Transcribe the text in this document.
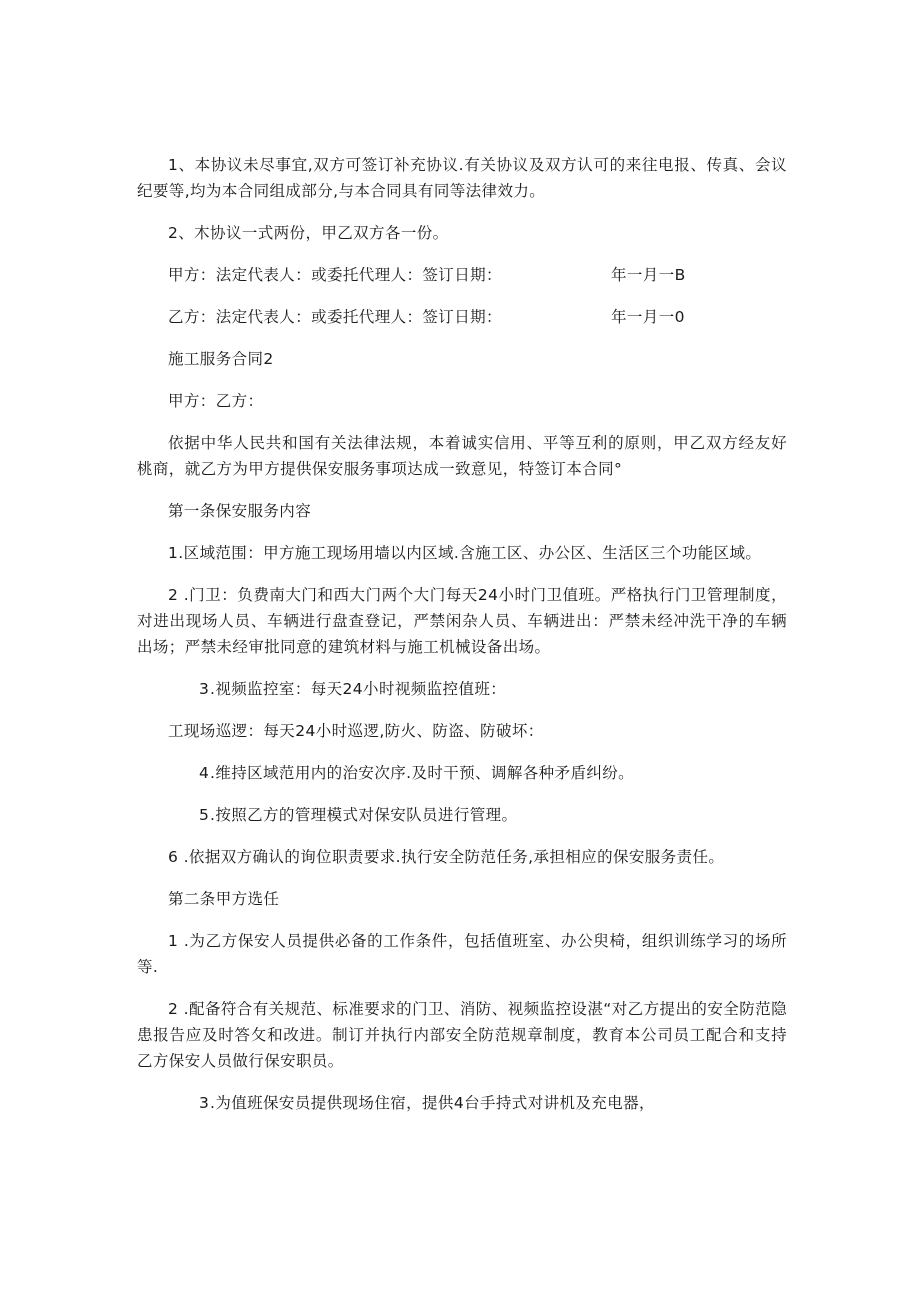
1、本协议未尽事宜,双方可签订补充协议.有关协议及双方认可的来往电报、传真、会议纪要等,均为本合同组成部分,与本合同具有同等法律效力。

2、木协议一式两份，甲乙双方各一份。

甲方：法定代表人：或委托代理人：签订日期：	年一月一B

乙方：法定代表人：或委托代理人：签订日期：	年一月一0

施工服务合同2

甲方：乙方：

依据中华人民共和国有关法律法规，本着诚实信用、平等互利的原则，甲乙双方经友好桃商，就乙方为甲方提供保安服务事项达成一致意见，特签订本合同°

第一条保安服务内容

1.区域范围：甲方施工现场用墙以内区域.含施工区、办公区、生活区三个功能区域。

2 .门卫：负费南大门和西大门两个大门每天24小时门卫值班。严格执行门卫管理制度，对进出现场人员、车辆进行盘查登记，严禁闲杂人员、车辆进出：严禁未经冲洗干净的车辆出场；严禁未经审批同意的建筑材料与施工机械设备出场。

3.视频监控室：每天24小时视频监控值班：

工现场巡逻：每天24小时巡逻,防火、防盗、防破坏：

4.维持区域范用内的治安次序.及时干预、调解各种矛盾纠纷。

5.按照乙方的管理模式对保安队员进行管理。

6 .依据双方确认的询位职责要求.执行安全防范任务,承担相应的保安服务责任。

第二条甲方选任

1 .为乙方保安人员提供必备的工作条件，包括值班室、办公臾椅，组织训练学习的场所等.

2 .配备符合有关规范、标准要求的门卫、消防、视频监控设湛“对乙方提出的安全防范隐患报告应及时答攵和改进。制订并执行内部安全防范规章制度，教育本公司员工配合和支持乙方保安人员做行保安职员。

3.为值班保安员提供现场住宿，提供4台手持式对讲机及充电器，
